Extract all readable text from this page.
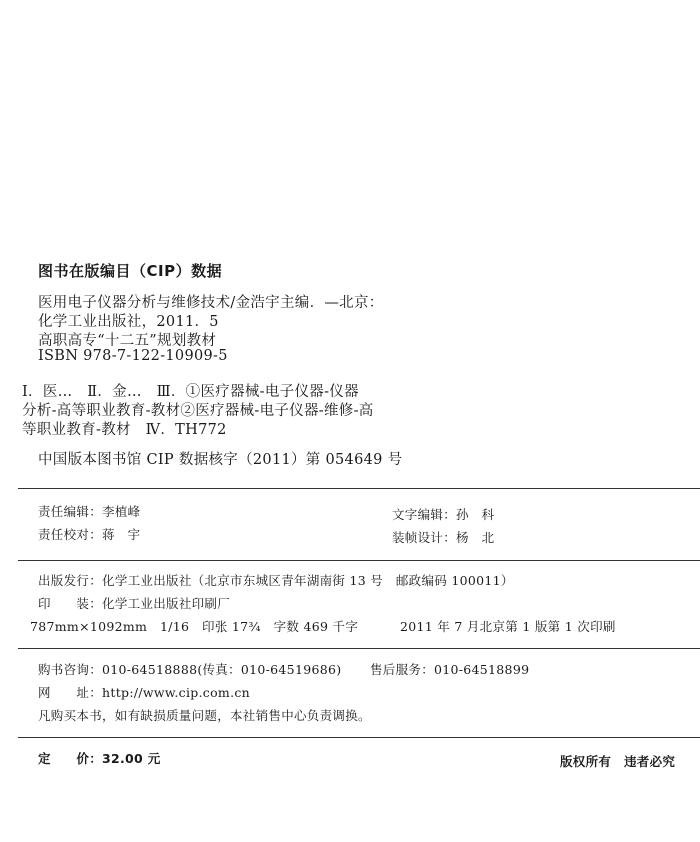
图书在版编目（CIP）数据
医用电子仪器分析与维修技术/金浩宇主编．—北京：
化学工业出版社，2011．5
高职高专“十二五”规划教材
ISBN 978-7-122-10909-5
Ⅰ．医…　Ⅱ．金…　Ⅲ．①医疗器械-电子仪器-仪器
分析-高等职业教育-教材②医疗器械-电子仪器-维修-高
等职业教育-教材　Ⅳ．TH772
中国版本图书馆 CIP 数据核字（2011）第 054649 号
责任编辑：李植峰	文字编辑：孙　科
责任校对：蒋　宇	装帧设计：杨　北
出版发行：化学工业出版社（北京市东城区青年湖南街 13 号　邮政编码 100011）
印　　装：化学工业出版社印刷厂
787mm×1092mm　1/16　印张 17¾　字数 469 千字	2011 年 7 月北京第 1 版第 1 次印刷
购书咨询：010-64518888(传真：010-64519686) 售后服务：010-64518899
网　　址：http://www.cip.com.cn
凡购买本书，如有缺损质量问题，本社销售中心负责调换。
定　　价：32.00 元	版权所有　违者必究
